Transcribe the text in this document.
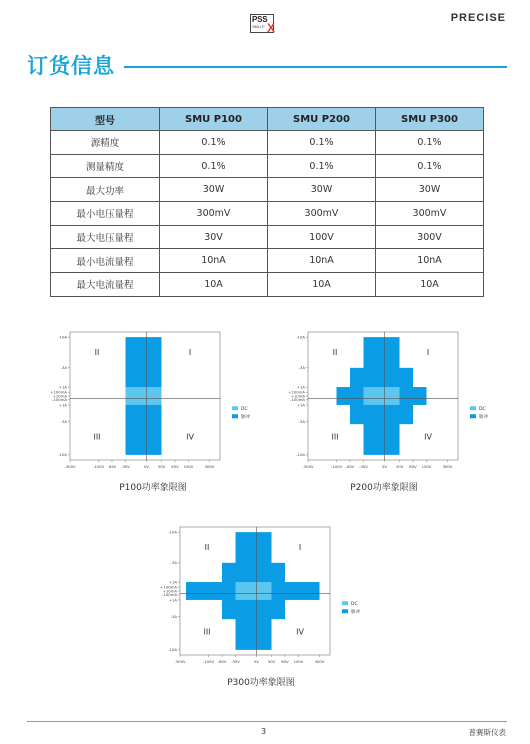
PSS
SMU P X
PRECISE
订货信息
型号	SMU P100	SMU P200	SMU P300
源精度	0.1%	0.1%	0.1%
测量精度	0.1%	0.1%	0.1%
最大功率	30W	30W	30W
最小电压量程	300mV	300mV	300mV
最大电压量程	30V	100V	300V
最小电流量程	10nA	10nA	10nA
最大电流量程	10A	10A	10A
II	I
III	IV
-300V	-100V -65V -30V	0V 30V 65V 100V	300V
-10A
-3A
+1A
+100mA
+10mA
-100mA
+1A
-3A
-10A
DC
脉冲
P100功率象限图
II	I
III	IV
-300V	-100V -65V -30V	0V 30V 65V 100V	300V
-10A
-3A
+1A
+100mA
+10mA
-100mA
+1A
-3A
-10A
DC
脉冲
P200功率象限图
II	I
III	IV
-300V	-100V -65V -30V	0V 30V 65V 100V	300V
-10A
-3A
+1A
+100mA
+10mA
-100mA
+1A
-3A
-10A
DC
脉冲
P300功率象限图
3	普赛斯仪表
